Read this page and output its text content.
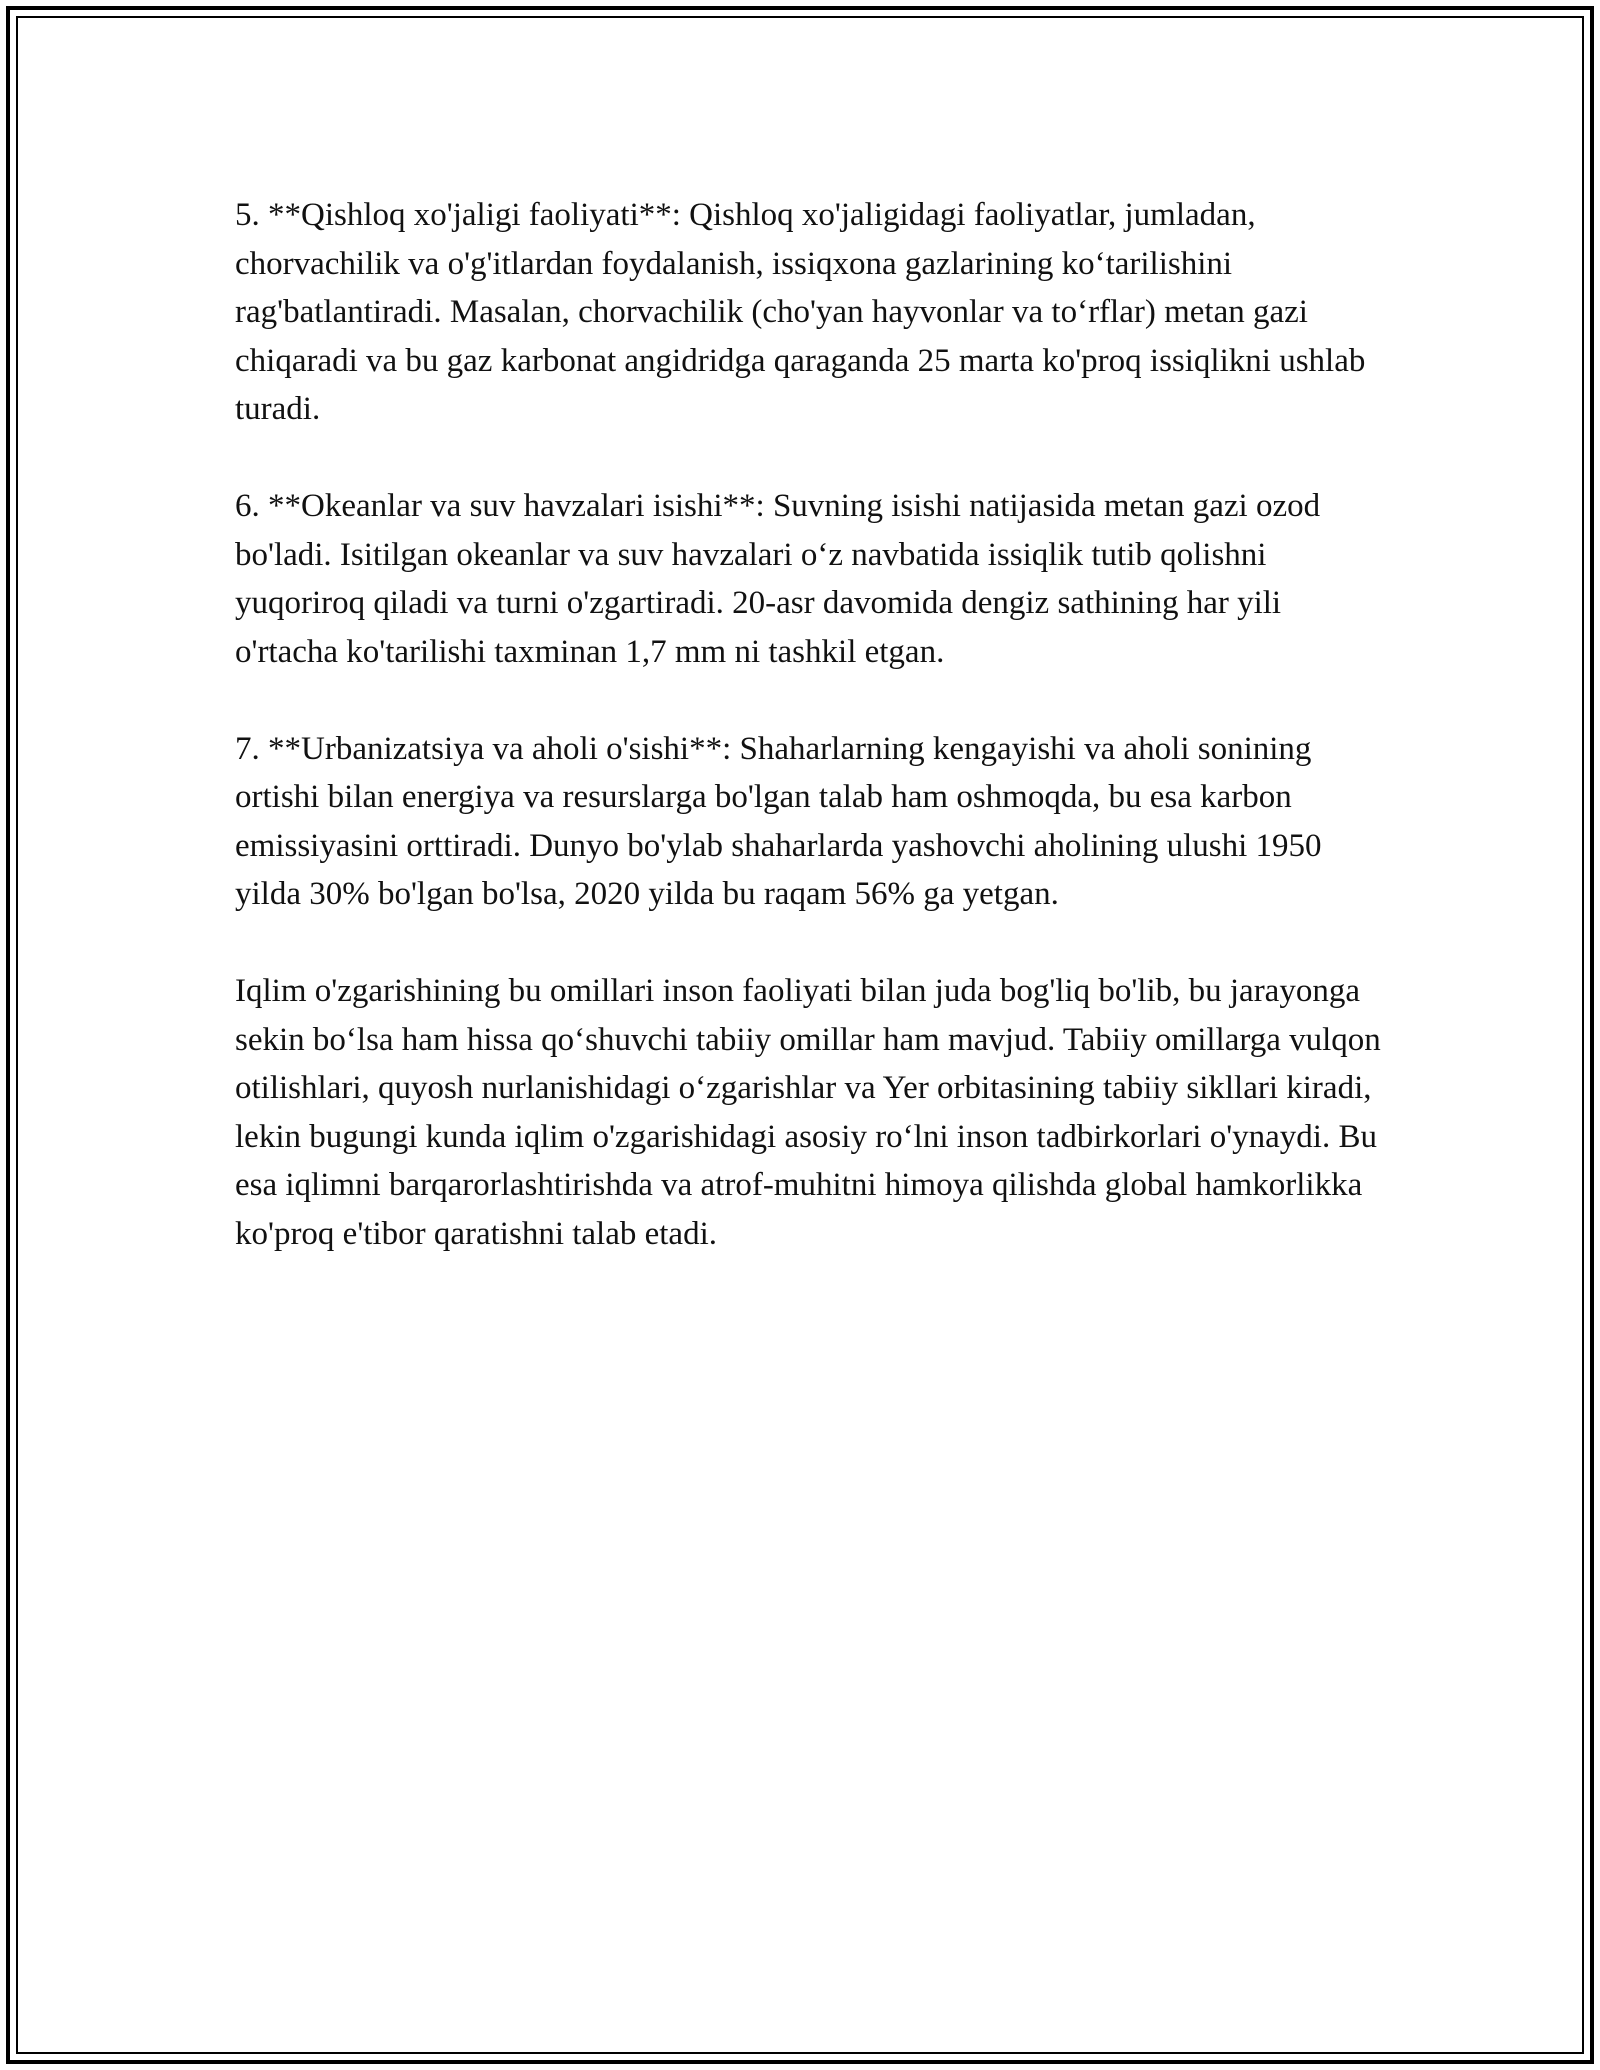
5. **Qishloq xo'jaligi faoliyati**: Qishloq xo'jaligidagi faoliyatlar, jumladan, chorvachilik va o'g'itlardan foydalanish, issiqxona gazlarining ko‘tarilishini rag'batlantiradi. Masalan, chorvachilik (cho'yan hayvonlar va to‘rflar) metan gazi chiqaradi va bu gaz karbonat angidridga qaraganda 25 marta ko'proq issiqlikni ushlab turadi.

6. **Okeanlar va suv havzalari isishi**: Suvning isishi natijasida metan gazi ozod bo'ladi. Isitilgan okeanlar va suv havzalari o‘z navbatida issiqlik tutib qolishni yuqoriroq qiladi va turni o'zgartiradi. 20-asr davomida dengiz sathining har yili o'rtacha ko'tarilishi taxminan 1,7 mm ni tashkil etgan.

7. **Urbanizatsiya va aholi o'sishi**: Shaharlarning kengayishi va aholi sonining ortishi bilan energiya va resurslarga bo'lgan talab ham oshmoqda, bu esa karbon emissiyasini orttiradi. Dunyo bo'ylab shaharlarda yashovchi aholining ulushi 1950 yilda 30% bo'lgan bo'lsa, 2020 yilda bu raqam 56% ga yetgan.

Iqlim o'zgarishining bu omillari inson faoliyati bilan juda bog'liq bo'lib, bu jarayonga sekin bo‘lsa ham hissa qo‘shuvchi tabiiy omillar ham mavjud. Tabiiy omillarga vulqon otilishlari, quyosh nurlanishidagi o‘zgarishlar va Yer orbitasining tabiiy sikllari kiradi, lekin bugungi kunda iqlim o'zgarishidagi asosiy ro‘lni inson tadbirkorlari o'ynaydi. Bu esa iqlimni barqarorlashtirishda va atrof-muhitni himoya qilishda global hamkorlikka ko'proq e'tibor qaratishni talab etadi.
